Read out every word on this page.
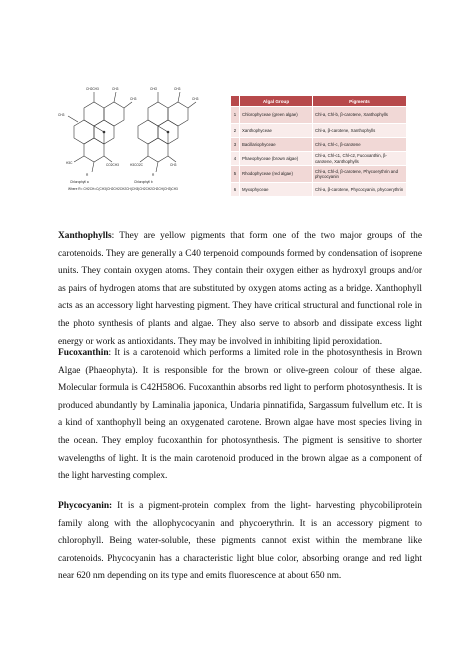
CH2CH3	CH3
CH3
CH3
CHO
H3C
CH3
CH3
CO2CH3	H3CO2C	CH3
R	R
Chlorophyll a	Chlorophyll b
Where R= CH2CH=C(CH3)CH2CH2CH2CH(CH3)CH2CH2CH2CH(CH3)CH3
	Algal Group	Pigments
1	Chlorophyceae (green algae)	Chl-a, Chl-b, β-carotene, Xanthophylls
2	Xanthophyceae	Chl-a, β-carotene, Xanthophylls
3	Bacillariophyceae	Chl-a, Chl-c, β-carotene
4	Phaeophyceae (brown algae)	Chl-a, Chl-c1, Chl-c2, Fucoxanthin, β-carotene, Xanthophylls
5	Rhodophyceae (red algae)	Chl-a, Chl-d, β-carotene, Phycoerythrin and phycocyanin
6	Myxophyceae	Chl-a, β-carotene, Phycocyanin, phycoerythrin

Xanthophylls: They are yellow pigments that form one of the two major groups of the carotenoids. They are generally a C40 terpenoid compounds formed by condensation of isoprene units. They contain oxygen atoms. They contain their oxygen either as hydroxyl groups and/or as pairs of hydrogen atoms that are substituted by oxygen atoms acting as a bridge. Xanthophyll acts as an accessory light harvesting pigment. They have critical structural and functional role in the photo synthesis of plants and algae. They also serve to absorb and dissipate excess light energy or work as antioxidants. They may be involved in inhibiting lipid peroxidation.

Fucoxanthin: It is a carotenoid which performs a limited role in the photosynthesis in Brown Algae (Phaeophyta). It is responsible for the brown or olive-green colour of these algae. Molecular formula is C42H58O6. Fucoxanthin absorbs red light to perform photosynthesis. It is produced abundantly by Laminalia japonica, Undaria pinnatifida, Sargassum fulvellum etc. It is a kind of xanthophyll being an oxygenated carotene. Brown algae have most species living in the ocean. They employ fucoxanthin for photosynthesis. The pigment is sensitive to shorter wavelengths of light. It is the main carotenoid produced in the brown algae as a component of the light harvesting complex.

Phycocyanin: It is a pigment-protein complex from the light- harvesting phycobiliprotein family along with the allophycocyanin and phycoerythrin. It is an accessory pigment to chlorophyll. Being water-soluble, these pigments cannot exist within the membrane like carotenoids. Phycocyanin has a characteristic light blue color, absorbing orange and red light near 620 nm depending on its type and emits fluorescence at about 650 nm.
